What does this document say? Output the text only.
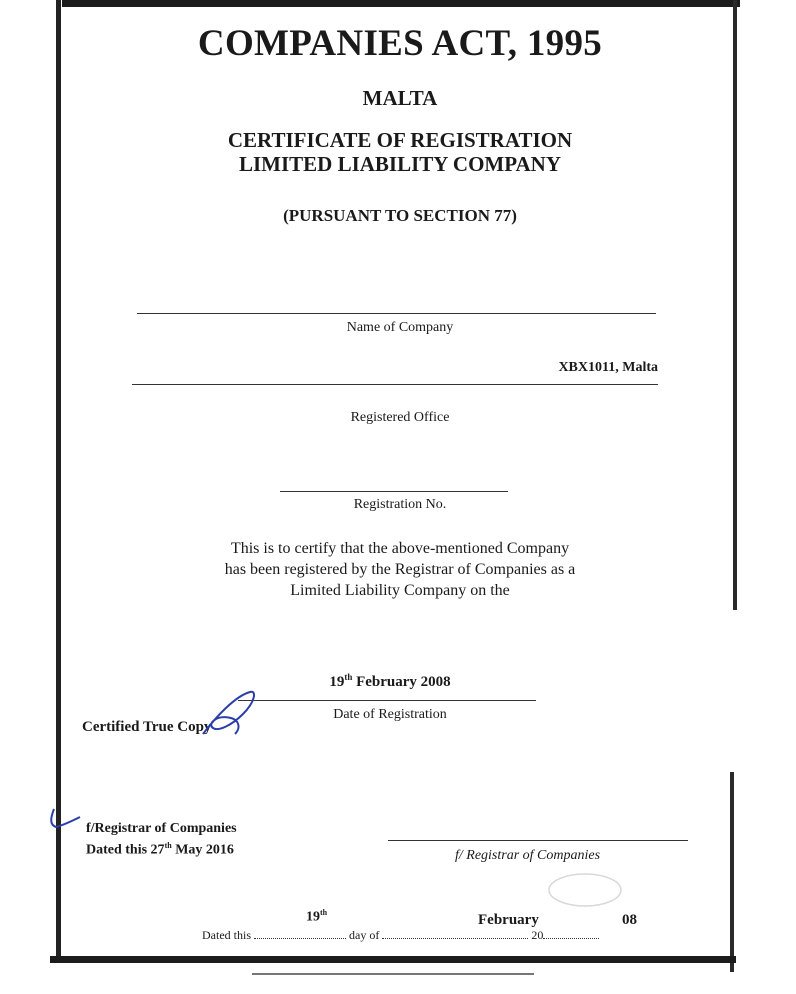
COMPANIES ACT, 1995
MALTA
CERTIFICATE OF REGISTRATION
LIMITED LIABILITY COMPANY
(PURSUANT TO SECTION 77)
Name of Company
XBX1011, Malta
Registered Office
Registration No.
This is to certify that the above-mentioned Company
has been registered by the Registrar of Companies as a
Limited Liability Company on the
19th February 2008
Date of Registration
Certified True Copy
f/Registrar of Companies
Dated this 27th May 2016	f/ Registrar of Companies
19th	February	08
Dated this	day of	20
